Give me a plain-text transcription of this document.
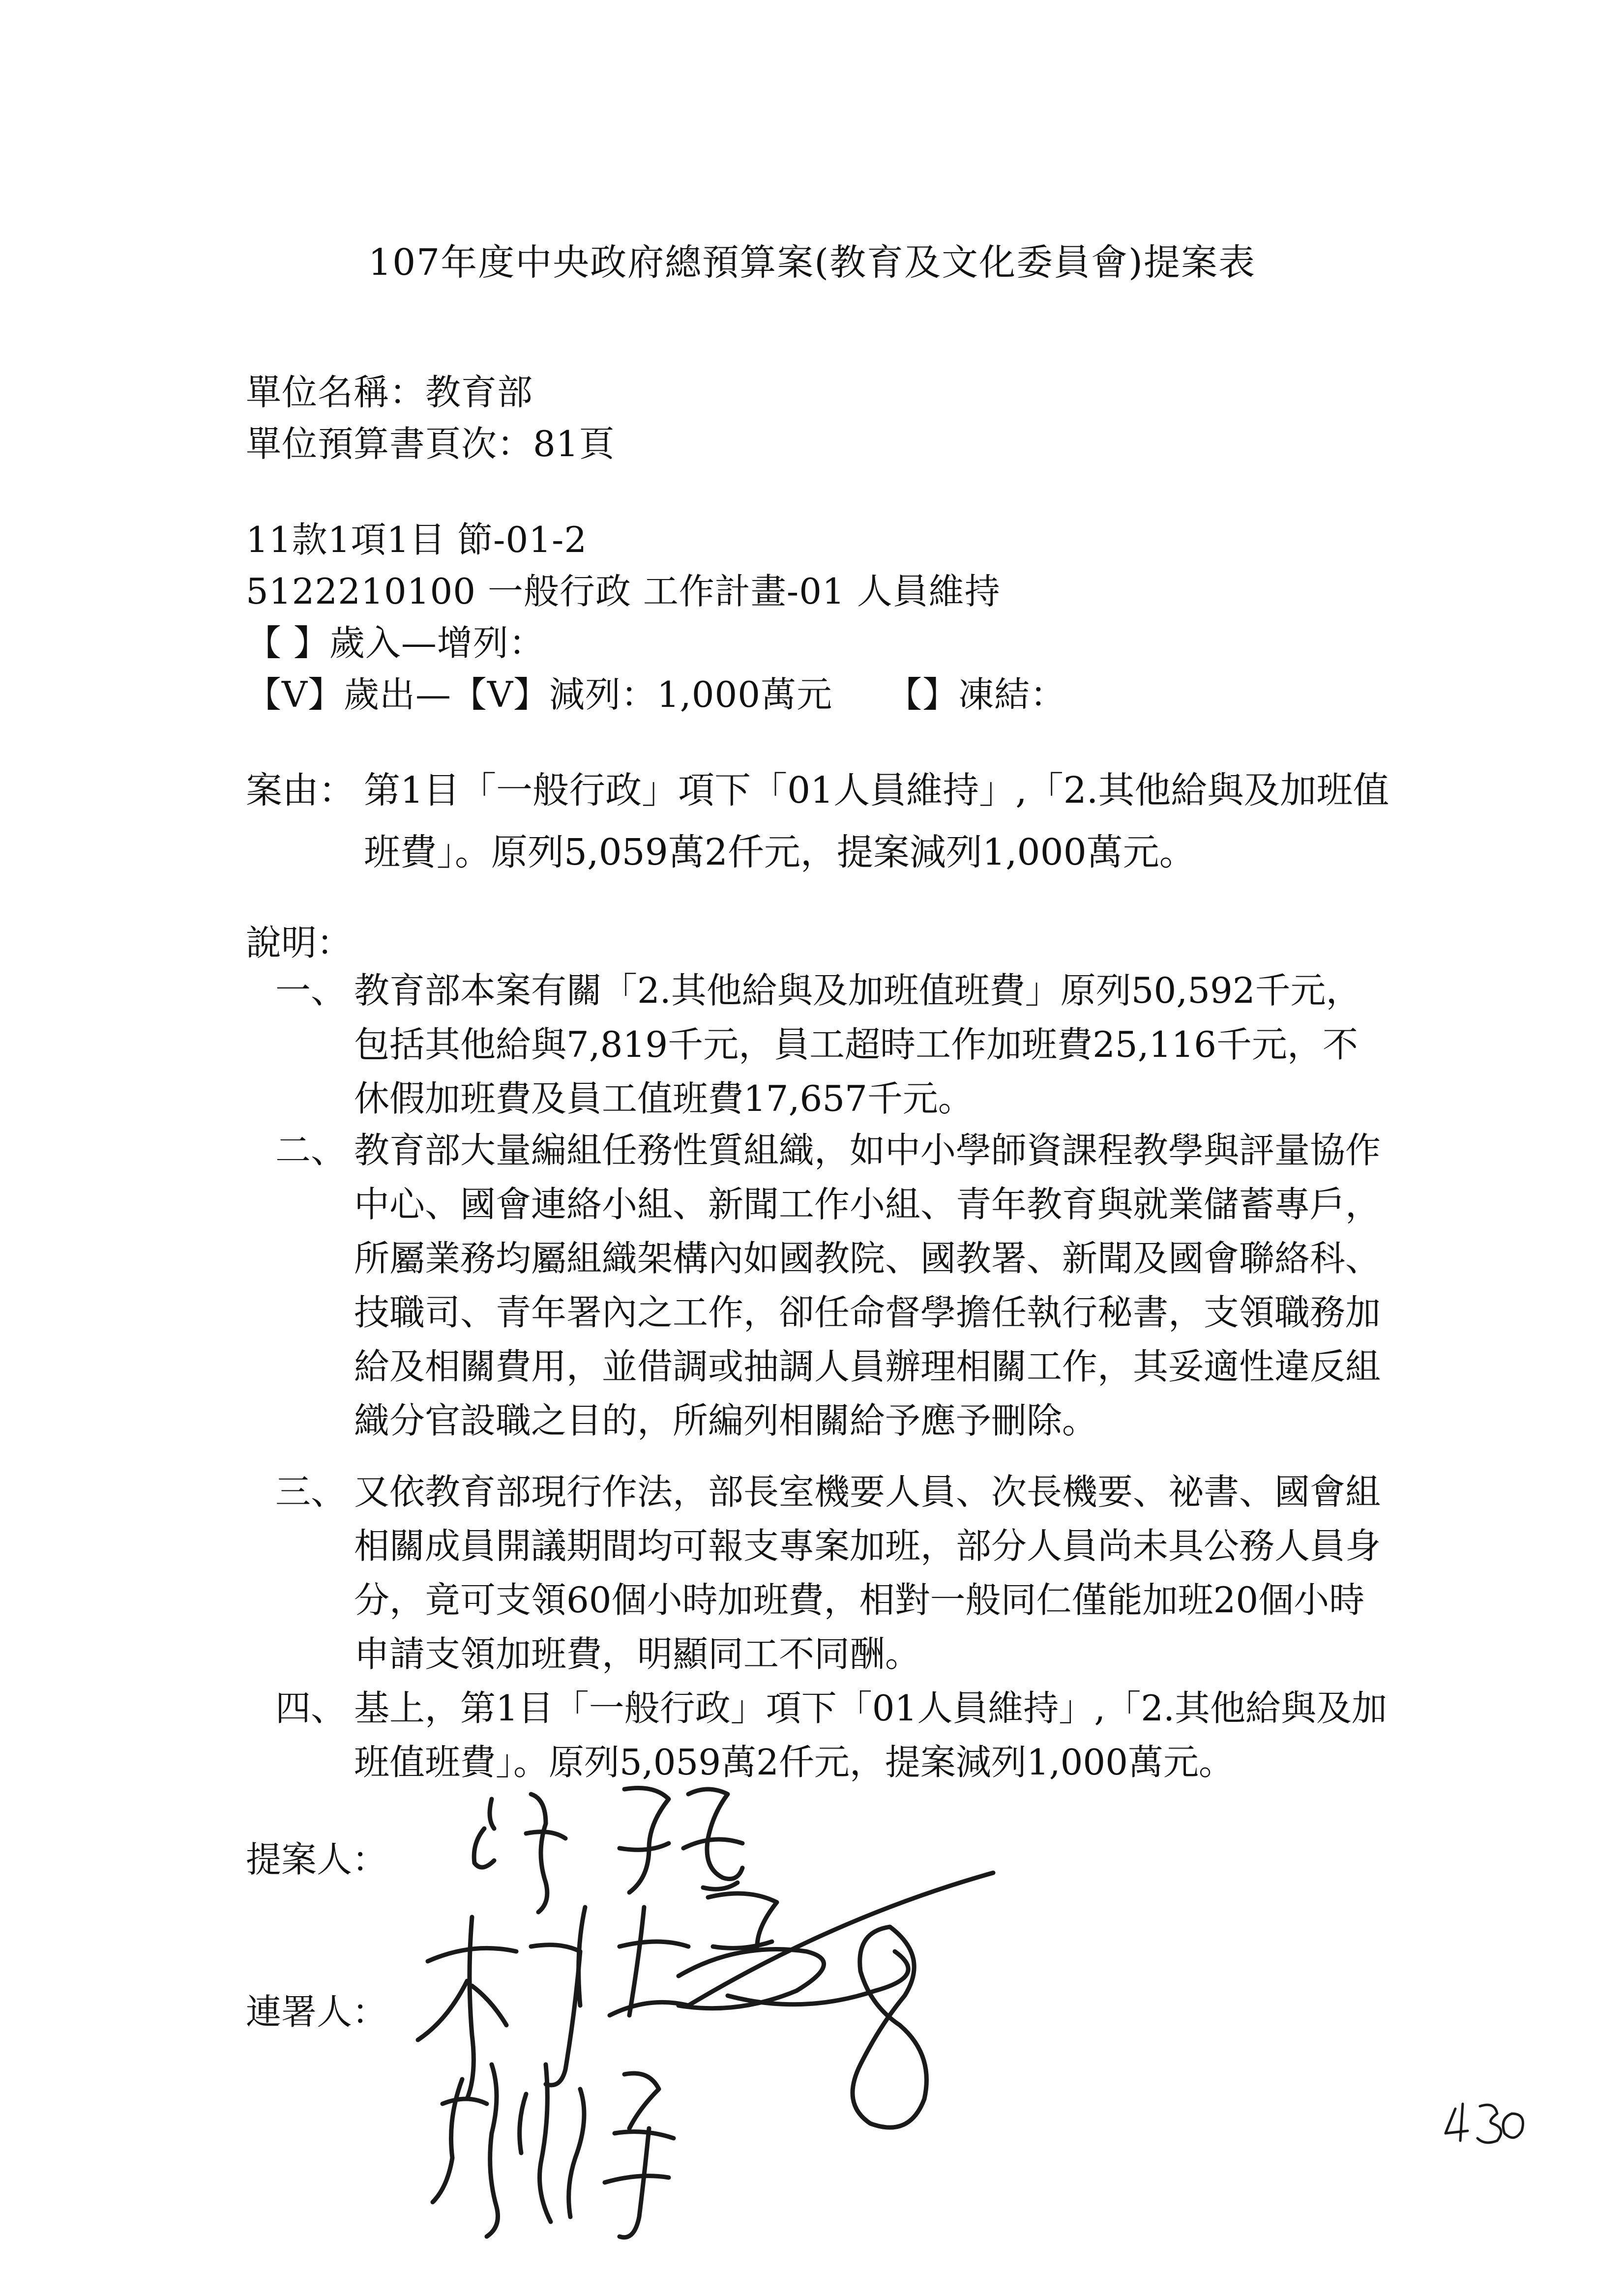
107年度中央政府總預算案(教育及文化委員會)提案表
單位名稱：教育部
單位預算書頁次：81頁
11款1項1目 節-01-2
5122210100 一般行政 工作計畫-01 人員維持
【 】歲入—增列：
【V】歲出—【V】減列：1,000萬元　　【】凍結：
案由： 第1目「一般行政」項下「01人員維持」,「2.其他給與及加班值班費」。原列5,059萬2仟元，提案減列1,000萬元。
說明：
一、 教育部本案有關「2.其他給與及加班值班費」原列50,592千元，包括其他給與7,819千元，員工超時工作加班費25,116千元，不休假加班費及員工值班費17,657千元。
二、 教育部大量編組任務性質組織，如中小學師資課程教學與評量協作中心、國會連絡小組、新聞工作小組、青年教育與就業儲蓄專戶，所屬業務均屬組織架構內如國教院、國教署、新聞及國會聯絡科、技職司、青年署內之工作，卻任命督學擔任執行秘書，支領職務加給及相關費用，並借調或抽調人員辦理相關工作，其妥適性違反組織分官設職之目的，所編列相關給予應予刪除。
三、 又依教育部現行作法，部長室機要人員、次長機要、祕書、國會組相關成員開議期間均可報支專案加班，部分人員尚未具公務人員身分，竟可支領60個小時加班費，相對一般同仁僅能加班20個小時申請支領加班費，明顯同工不同酬。
四、 基上，第1目「一般行政」項下「01人員維持」,「2.其他給與及加班值班費」。原列5,059萬2仟元，提案減列1,000萬元。
提案人：
連署人：
